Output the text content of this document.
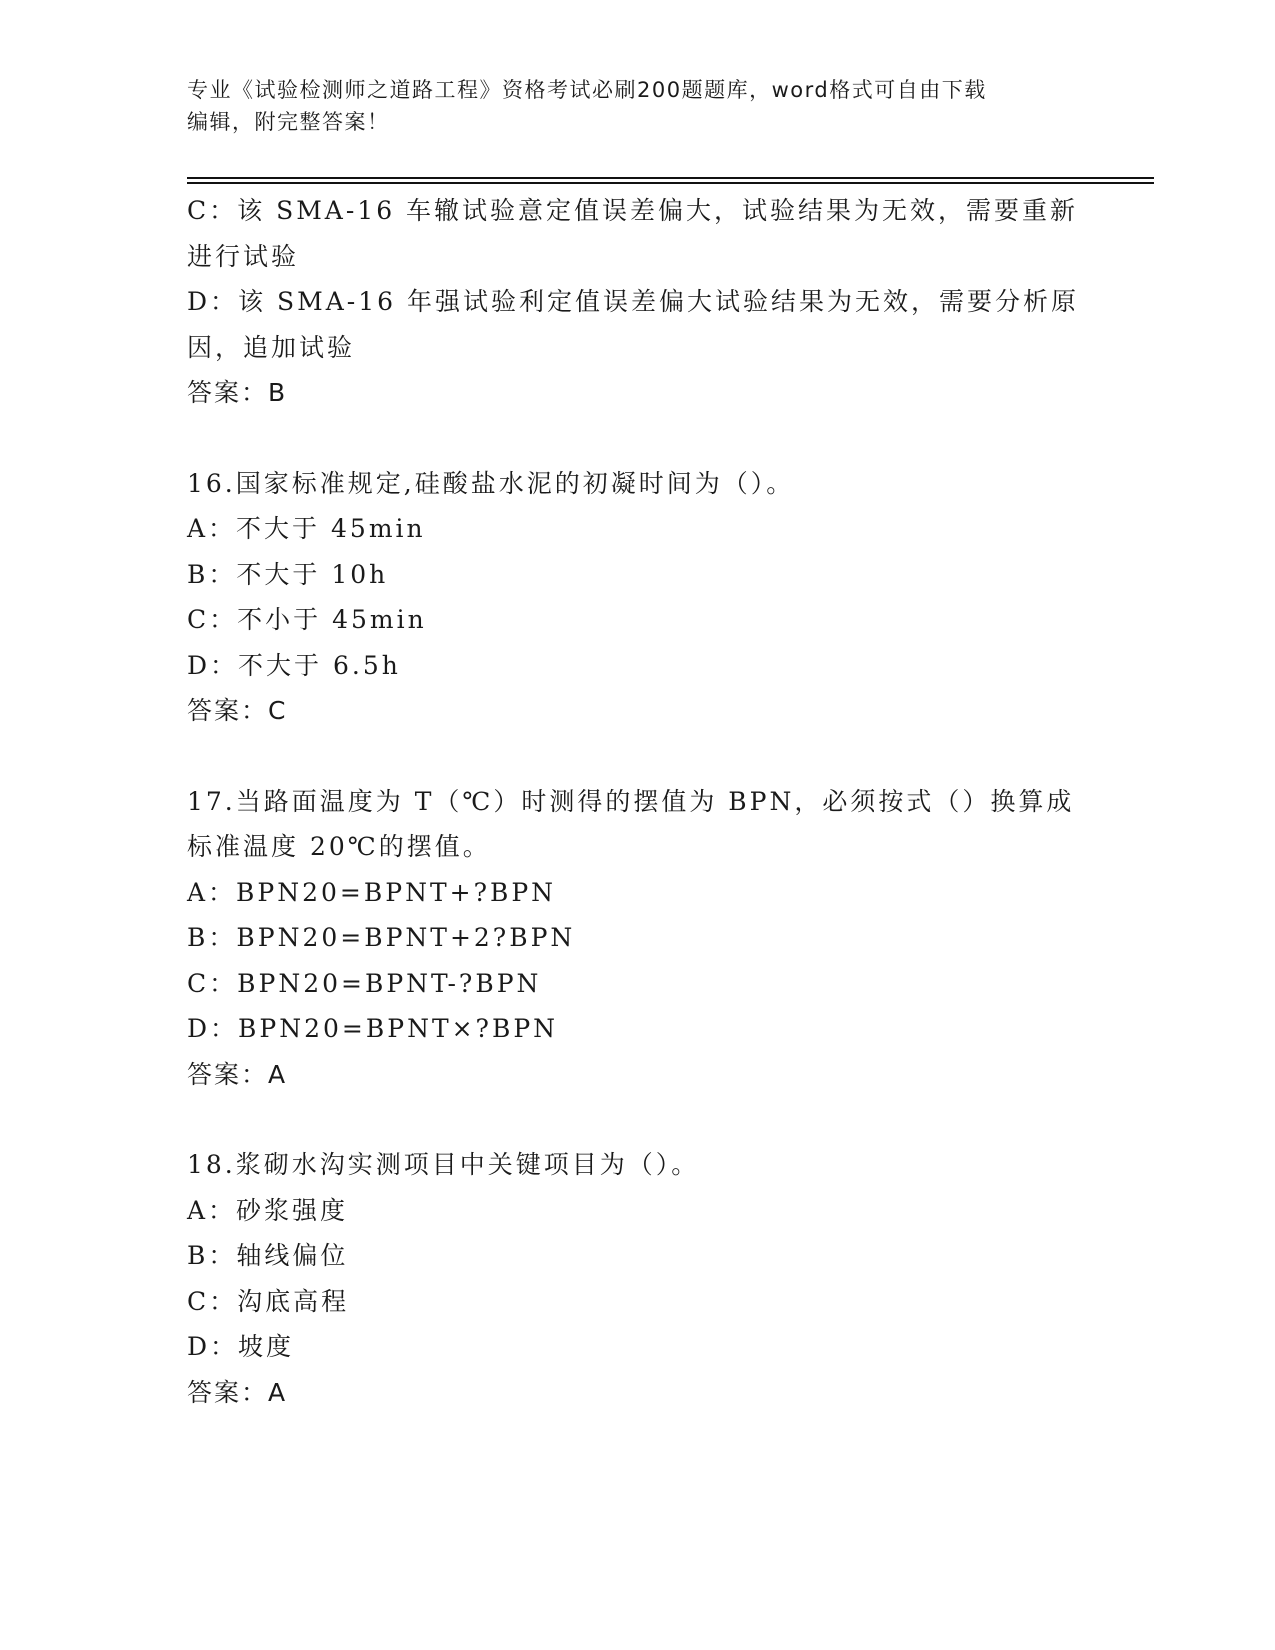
专业《试验检测师之道路工程》资格考试必刷200题题库，word格式可自由下载
编辑，附完整答案！
C：该 SMA-16 车辙试验意定值误差偏大，试验结果为无效，需要重新
进行试验
D：该 SMA-16 年强试验利定值误差偏大试验结果为无效，需要分析原
因，追加试验
答案：B
16.国家标准规定,硅酸盐水泥的初凝时间为（）。
A：不大于 45min
B：不大于 10h
C：不小于 45min
D：不大于 6.5h
答案：C
17.当路面温度为 T（℃）时测得的摆值为 BPN，必须按式（）换算成
标准温度 20℃的摆值。
A：BPN20=BPNT+?BPN
B：BPN20=BPNT+2?BPN
C：BPN20=BPNT-?BPN
D：BPN20=BPNT×?BPN
答案：A
18.浆砌水沟实测项目中关键项目为（）。
A：砂浆强度
B：轴线偏位
C：沟底高程
D：坡度
答案：A
